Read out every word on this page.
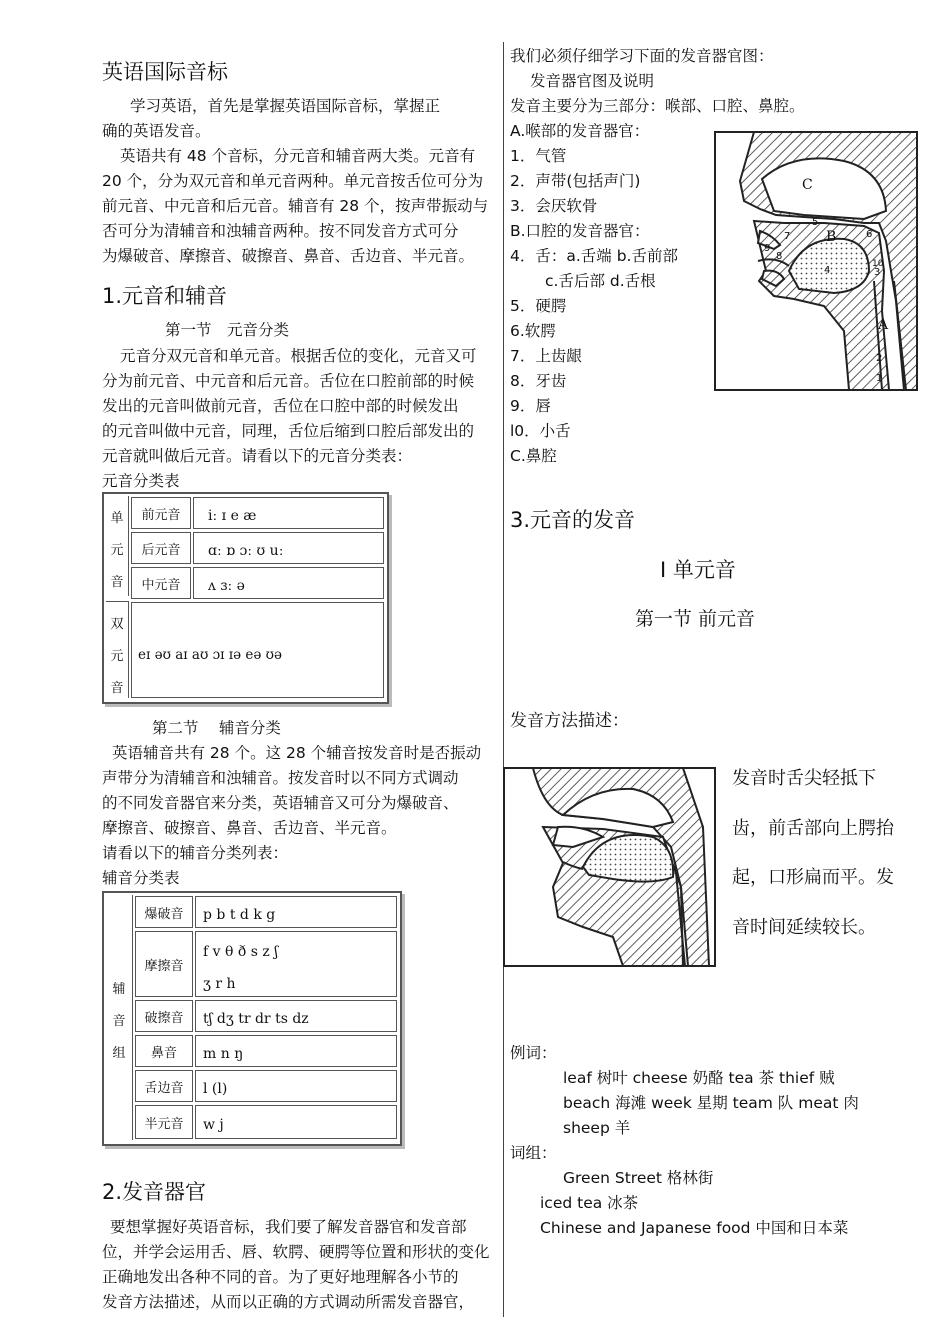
英语国际音标
学习英语，首先是掌握英语国际音标，掌握正
确的英语发音。
英语共有 48 个音标，分元音和辅音两大类。元音有
20 个，分为双元音和单元音两种。单元音按舌位可分为
前元音、中元音和后元音。辅音有 28 个，按声带振动与
否可分为清辅音和浊辅音两种。按不同发音方式可分
为爆破音、摩擦音、破擦音、鼻音、舌边音、半元音。
1.元音和辅音
第一节　元音分类
元音分双元音和单元音。根据舌位的变化，元音又可
分为前元音、中元音和后元音。舌位在口腔前部的时候
发出的元音叫做前元音，舌位在口腔中部的时候发出
的元音叫做中元音，同理，舌位后缩到口腔后部发出的
元音就叫做后元音。请看以下的元音分类表：
元音分类表
单
元
音
前元音	iː ɪ e æ
后元音	ɑː ɒ ɔː ʊ uː
中元音	ʌ ɜː ə
双
元
音
eɪ əʊ aɪ aʊ ɔɪ ɪə eə ʊə
第二节　 辅音分类
英语辅音共有 28 个。这 28 个辅音按发音时是否振动
声带分为清辅音和浊辅音。按发音时以不同方式调动
的不同发音器官来分类，英语辅音又可分为爆破音、
摩擦音、破擦音、鼻音、舌边音、半元音。
请看以下的辅音分类列表：
辅音分类表
辅
音
组
爆破音	p b t d k g
摩擦音
f v θ ð s z ʃ
ʒ r h
破擦音	tʃ dʒ tr dr ts dz
鼻音	m n ŋ
舌边音	l (l)
半元音	w j
2.发音器官
要想掌握好英语音标，我们要了解发音器官和发音部
位，并学会运用舌、唇、软腭、硬腭等位置和形状的变化
正确地发出各种不同的音。为了更好地理解各小节的
发音方法描述，从而以正确的方式调动所需发音器官，
我们必须仔细学习下面的发音器官图：
发音器官图及说明
发音主要分为三部分：喉部、口腔、鼻腔。
A.喉部的发音器官：
1．气管
2．声带(包括声门)
3．会厌软骨
B.口腔的发音器官：
4．舌：a.舌端 b.舌前部
c.舌后部 d.舌根
5．硬腭
6.软腭
7．上齿龈
8．牙齿
9．唇
l0．小舌
C.鼻腔
C
B
A
3
2
1
4
5
6
7
8
9
10
3.元音的发音
Ⅰ 单元音
第一节 前元音
发音方法描述：
发音时舌尖轻抵下
齿，前舌部向上腭抬
起，口形扁而平。发
音时间延续较长。
例词：
leaf 树叶 cheese 奶酪 tea 茶 thief 贼
beach 海滩 week 星期 team 队 meat 肉
sheep 羊
词组：
Green Street 格林街
iced tea 冰茶
Chinese and Japanese food 中国和日本菜
